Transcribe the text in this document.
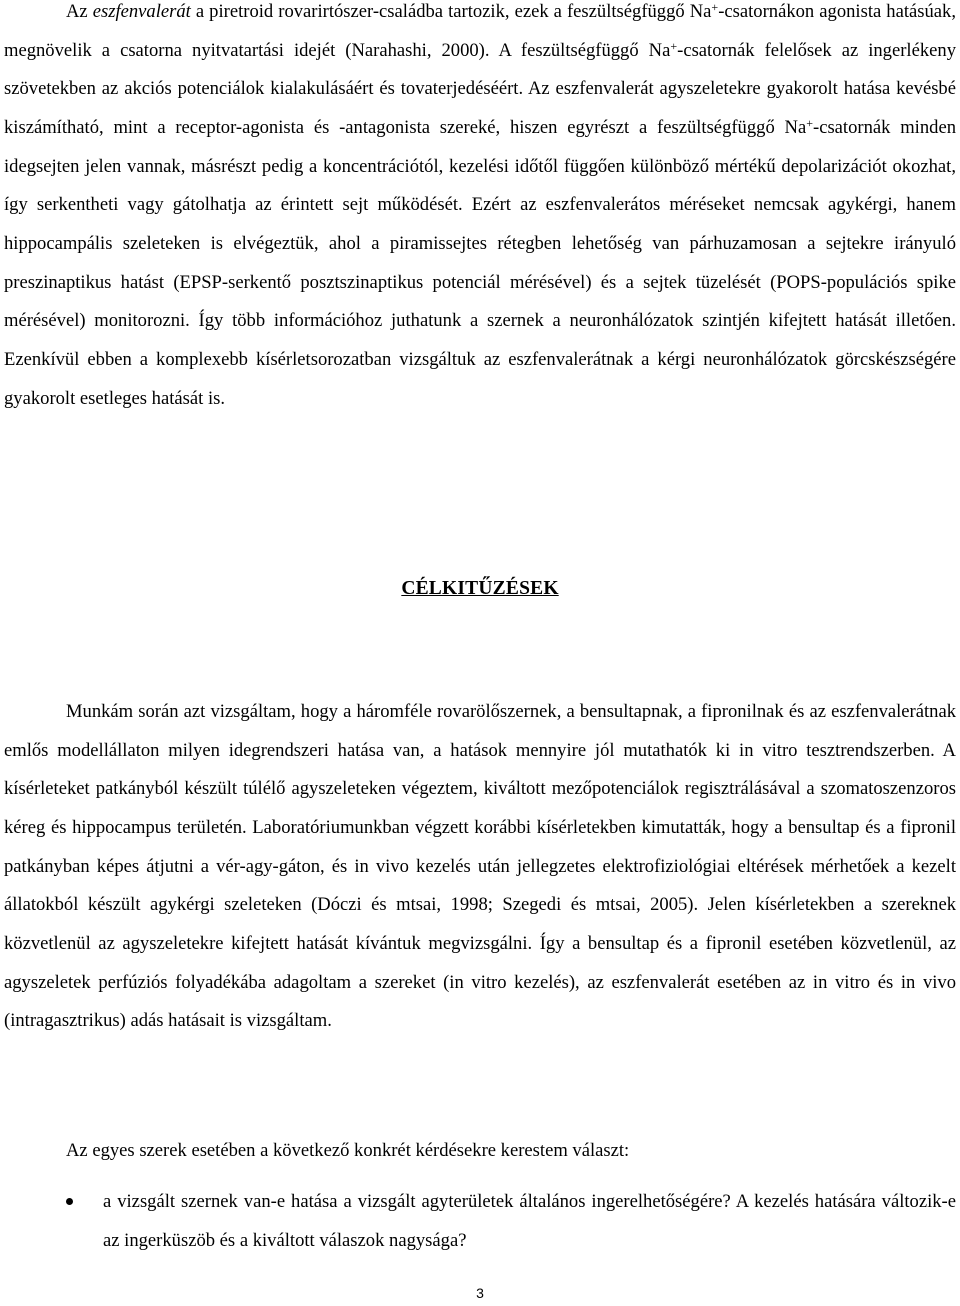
Az eszfenvalerát a piretroid rovarirtószer-családba tartozik, ezek a feszültségfüggő Na+-csatornákon agonista hatásúak, megnövelik a csatorna nyitvatartási idejét (Narahashi, 2000). A feszültségfüggő Na+-csatornák felelősek az ingerlékeny szövetekben az akciós potenciálok kialakulásáért és tovaterjedéséért. Az eszfenvalerát agyszeletekre gyakorolt hatása kevésbé kiszámítható, mint a receptor-agonista és -antagonista szereké, hiszen egyrészt a feszültségfüggő Na+-csatornák minden idegsejten jelen vannak, másrészt pedig a koncentrációtól, kezelési időtől függően különböző mértékű depolarizációt okozhat, így serkentheti vagy gátolhatja az érintett sejt működését. Ezért az eszfenvalerátos méréseket nemcsak agykérgi, hanem hippocampális szeleteken is elvégeztük, ahol a piramissejtes rétegben lehetőség van párhuzamosan a sejtekre irányuló preszinaptikus hatást (EPSP-serkentő posztszinaptikus potenciál mérésével) és a sejtek tüzelését (POPS-populációs spike mérésével) monitorozni. Így több információhoz juthatunk a szernek a neuronhálózatok szintjén kifejtett hatását illetően. Ezenkívül ebben a komplexebb kísérletsorozatban vizsgáltuk az eszfenvalerátnak a kérgi neuronhálózatok görcskészségére gyakorolt esetleges hatását is.

CÉLKITŰZÉSEK

Munkám során azt vizsgáltam, hogy a háromféle rovarölőszernek, a bensultapnak, a fipronilnak és az eszfenvalerátnak emlős modellállaton milyen idegrendszeri hatása van, a hatások mennyire jól mutathatók ki in vitro tesztrendszerben. A kísérleteket patkányból készült túlélő agyszeleteken végeztem, kiváltott mezőpotenciálok regisztrálásával a szomatoszenzoros kéreg és hippocampus területén. Laboratóriumunkban végzett korábbi kísérletekben kimutatták, hogy a bensultap és a fipronil patkányban képes átjutni a vér-agy-gáton, és in vivo kezelés után jellegzetes elektrofiziológiai eltérések mérhetőek a kezelt állatokból készült agykérgi szeleteken (Dóczi és mtsai, 1998; Szegedi és mtsai, 2005). Jelen kísérletekben a szereknek közvetlenül az agyszeletekre kifejtett hatását kívántuk megvizsgálni. Így a bensultap és a fipronil esetében közvetlenül, az agyszeletek perfúziós folyadékába adagoltam a szereket (in vitro kezelés), az eszfenvalerát esetében az in vitro és in vivo (intragasztrikus) adás hatásait is vizsgáltam.

Az egyes szerek esetében a következő konkrét kérdésekre kerestem választ:

a vizsgált szernek van-e hatása a vizsgált agyterületek általános ingerelhetőségére? A kezelés hatására változik-e az ingerküszöb és a kiváltott válaszok nagysága?

3
